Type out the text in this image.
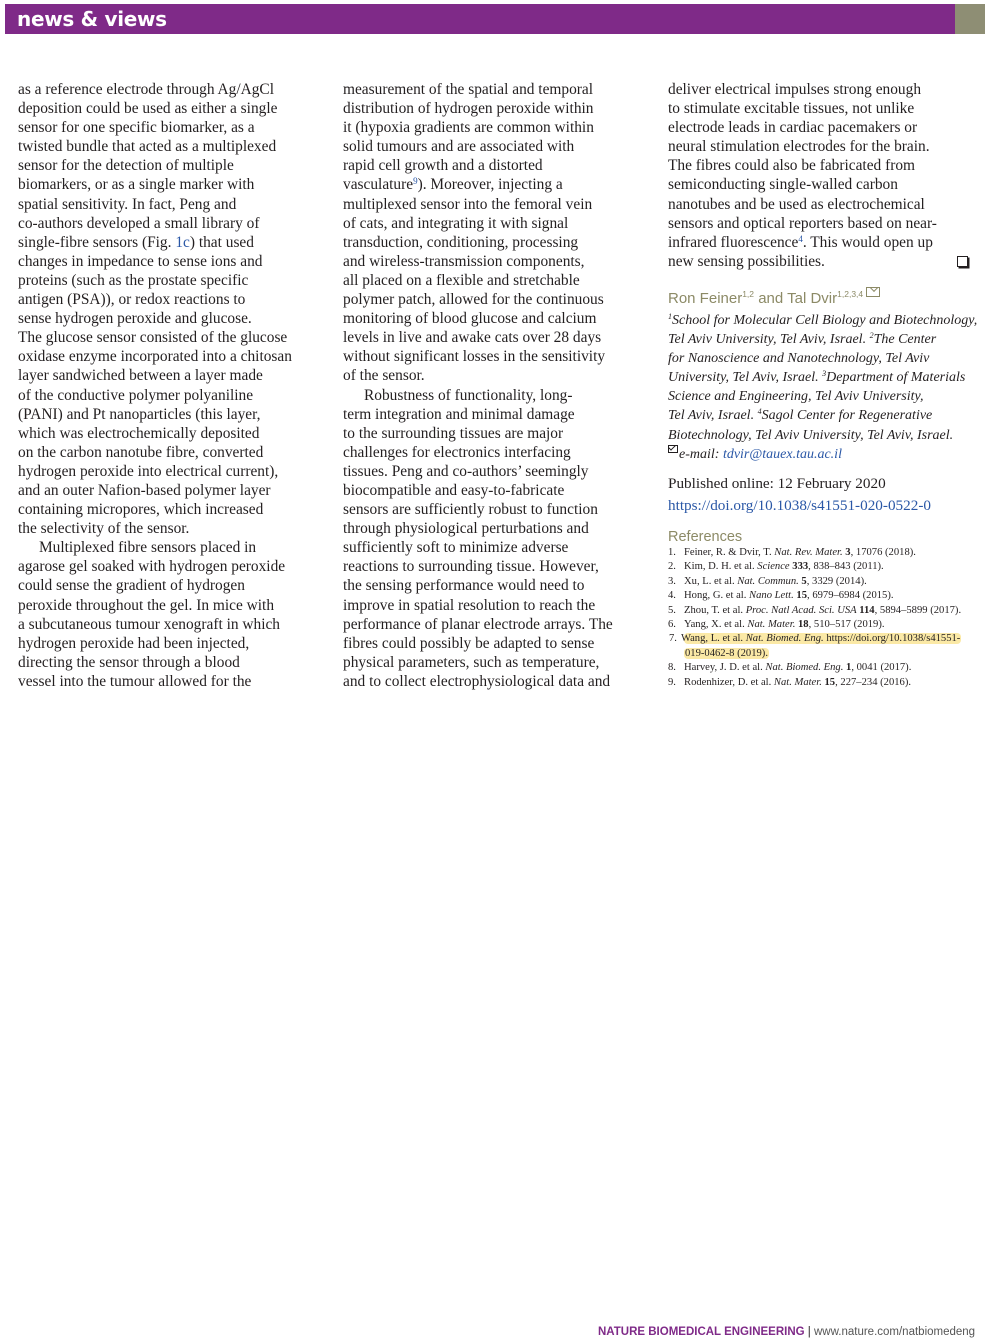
news & views
as a reference electrode through Ag/AgCl
deposition could be used as either a single
sensor for one specific biomarker, as a
twisted bundle that acted as a multiplexed
sensor for the detection of multiple
biomarkers, or as a single marker with
spatial sensitivity. In fact, Peng and
co-authors developed a small library of
single-fibre sensors (Fig. 1c) that used
changes in impedance to sense ions and
proteins (such as the prostate specific
antigen (PSA)), or redox reactions to
sense hydrogen peroxide and glucose.
The glucose sensor consisted of the glucose
oxidase enzyme incorporated into a chitosan
layer sandwiched between a layer made
of the conductive polymer polyaniline
(PANI) and Pt nanoparticles (this layer,
which was electrochemically deposited
on the carbon nanotube fibre, converted
hydrogen peroxide into electrical current),
and an outer Nafion-based polymer layer
containing micropores, which increased
the selectivity of the sensor.
Multiplexed fibre sensors placed in
agarose gel soaked with hydrogen peroxide
could sense the gradient of hydrogen
peroxide throughout the gel. In mice with
a subcutaneous tumour xenograft in which
hydrogen peroxide had been injected,
directing the sensor through a blood
vessel into the tumour allowed for the
measurement of the spatial and temporal
distribution of hydrogen peroxide within
it (hypoxia gradients are common within
solid tumours and are associated with
rapid cell growth and a distorted
vasculature$^9$). Moreover, injecting a
multiplexed sensor into the femoral vein
of cats, and integrating it with signal
transduction, conditioning, processing
and wireless-transmission components,
all placed on a flexible and stretchable
polymer patch, allowed for the continuous
monitoring of blood glucose and calcium
levels in live and awake cats over 28 days
without significant losses in the sensitivity
of the sensor.
Robustness of functionality, long-
term integration and minimal damage
to the surrounding tissues are major
challenges for electronics interfacing
tissues. Peng and co-authors’ seemingly
biocompatible and easy-to-fabricate
sensors are sufficiently robust to function
through physiological perturbations and
sufficiently soft to minimize adverse
reactions to surrounding tissue. However,
the sensing performance would need to
improve in spatial resolution to reach the
performance of planar electrode arrays. The
fibres could possibly be adapted to sense
physical parameters, such as temperature,
and to collect electrophysiological data and
deliver electrical impulses strong enough
to stimulate excitable tissues, not unlike
electrode leads in cardiac pacemakers or
neural stimulation electrodes for the brain.
The fibres could also be fabricated from
semiconducting single-walled carbon
nanotubes and be used as electrochemical
sensors and optical reporters based on near-
infrared fluorescence$^4$. This would open up
new sensing possibilities.
Ron Feiner$^{1,2}$ and Tal Dvir$^{1,2,3,4}$
$^1$School for Molecular Cell Biology and Biotechnology,
Tel Aviv University, Tel Aviv, Israel. $^2$The Center
for Nanoscience and Nanotechnology, Tel Aviv
University, Tel Aviv, Israel. $^3$Department of Materials
Science and Engineering, Tel Aviv University,
Tel Aviv, Israel. $^4$Sagol Center for Regenerative
Biotechnology, Tel Aviv University, Tel Aviv, Israel.
e-mail: tdvir@tauex.tau.ac.il
Published online: 12 February 2020
https://doi.org/10.1038/s41551-020-0522-0
References
1. Feiner, R. & Dvir, T. Nat. Rev. Mater. 3, 17076 (2018).
2. Kim, D. H. et al. Science 333, 838–843 (2011).
3. Xu, L. et al. Nat. Commun. 5, 3329 (2014).
4. Hong, G. et al. Nano Lett. 15, 6979–6984 (2015).
5. Zhou, T. et al. Proc. Natl Acad. Sci. USA 114, 5894–5899 (2017).
6. Yang, X. et al. Nat. Mater. 18, 510–517 (2019).
7. Wang, L. et al. Nat. Biomed. Eng. https://doi.org/10.1038/s41551-
019-0462-8 (2019).
8. Harvey, J. D. et al. Nat. Biomed. Eng. 1, 0041 (2017).
9. Rodenhizer, D. et al. Nat. Mater. 15, 227–234 (2016).
NATURE BIOMEDICAL ENGINEERING | www.nature.com/natbiomedeng
